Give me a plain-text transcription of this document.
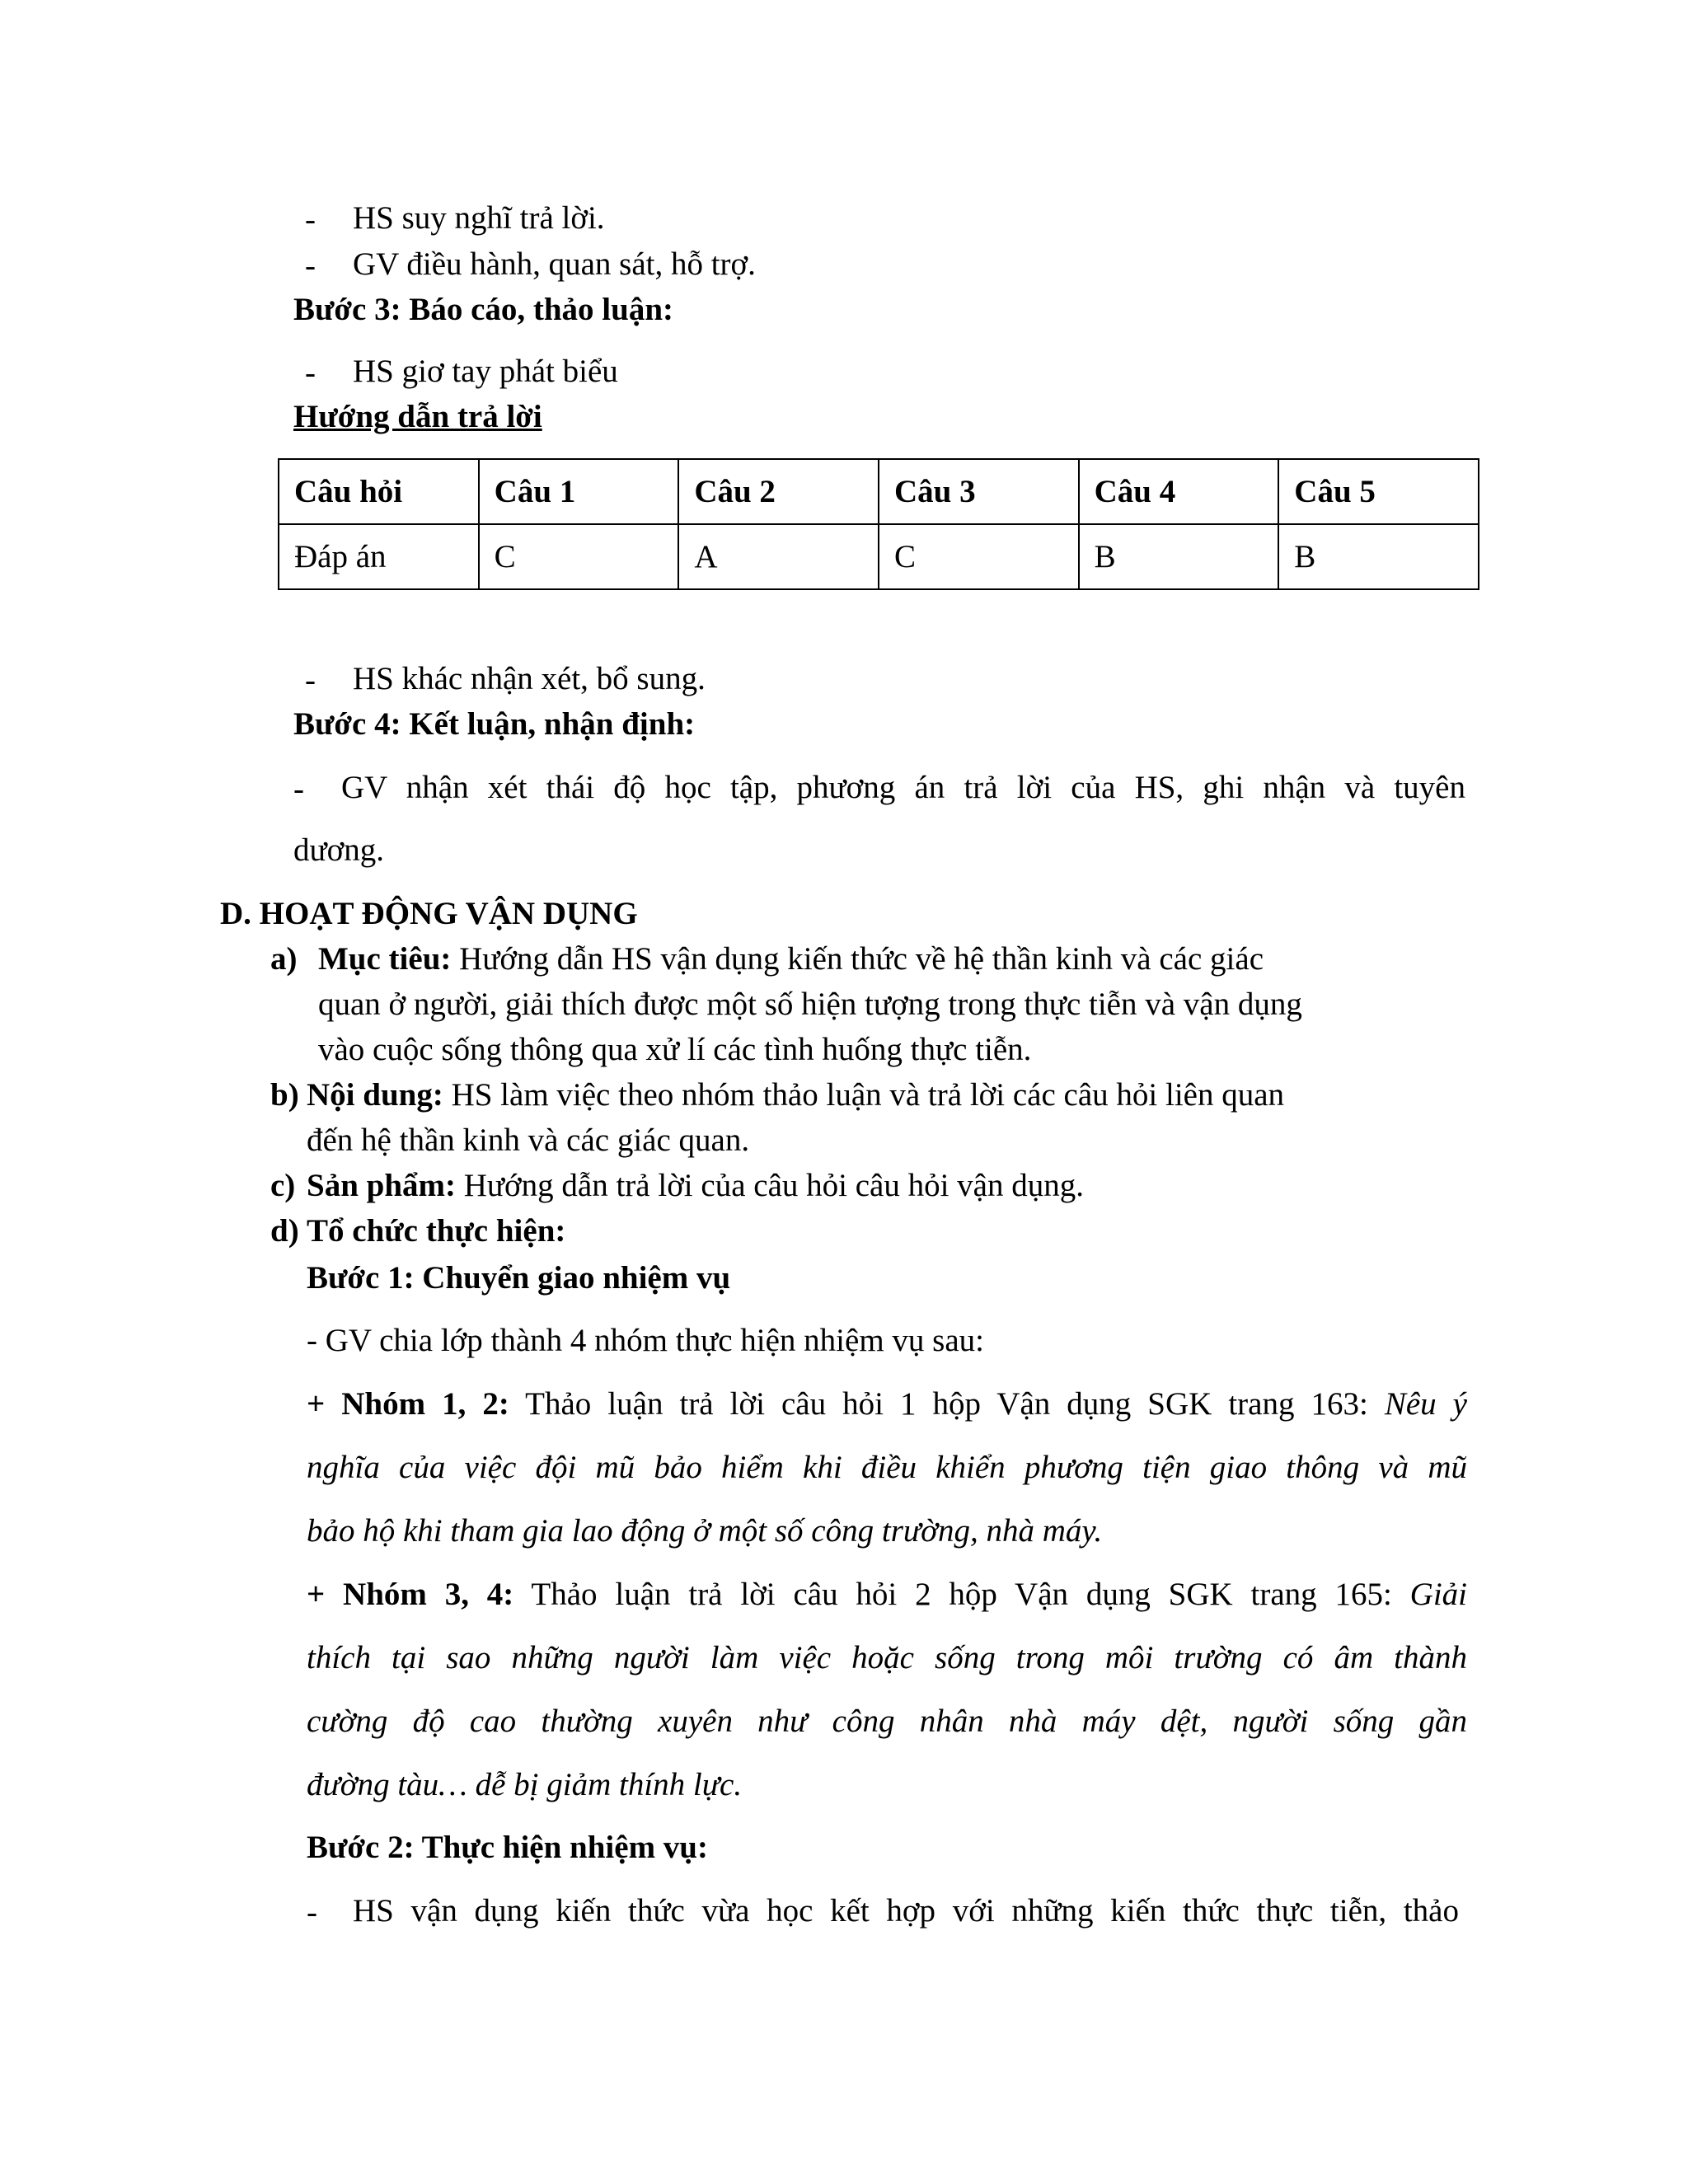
- HS suy nghĩ trả lời.
- GV điều hành, quan sát, hỗ trợ.
Bước 3: Báo cáo, thảo luận:
- HS giơ tay phát biểu
Hướng dẫn trả lời
Câu hỏi	Câu 1	Câu 2	Câu 3	Câu 4	Câu 5
Đáp án	C	A	C	B	B
- HS khác nhận xét, bổ sung.
Bước 4: Kết luận, nhận định:
- GV nhận xét thái độ học tập, phương án trả lời của HS, ghi nhận và tuyên
dương.
D. HOẠT ĐỘNG VẬN DỤNG
a) Mục tiêu: Hướng dẫn HS vận dụng kiến thức về hệ thần kinh và các giác
quan ở người, giải thích được một số hiện tượng trong thực tiễn và vận dụng
vào cuộc sống thông qua xử lí các tình huống thực tiễn.
b) Nội dung: HS làm việc theo nhóm thảo luận và trả lời các câu hỏi liên quan
đến hệ thần kinh và các giác quan.
c) Sản phẩm: Hướng dẫn trả lời của câu hỏi câu hỏi vận dụng.
d) Tổ chức thực hiện:
Bước 1: Chuyển giao nhiệm vụ
- GV chia lớp thành 4 nhóm thực hiện nhiệm vụ sau:
+ Nhóm 1, 2: Thảo luận trả lời câu hỏi 1 hộp Vận dụng SGK trang 163: Nêu ý
nghĩa của việc đội mũ bảo hiểm khi điều khiển phương tiện giao thông và mũ
bảo hộ khi tham gia lao động ở một số công trường, nhà máy.
+ Nhóm 3, 4: Thảo luận trả lời câu hỏi 2 hộp Vận dụng SGK trang 165: Giải
thích tại sao những người làm việc hoặc sống trong môi trường có âm thành
cường độ cao thường xuyên như công nhân nhà máy dệt, người sống gần
đường tàu… dễ bị giảm thính lực.
Bước 2: Thực hiện nhiệm vụ:
- HS vận dụng kiến thức vừa học kết hợp với những kiến thức thực tiễn, thảo
